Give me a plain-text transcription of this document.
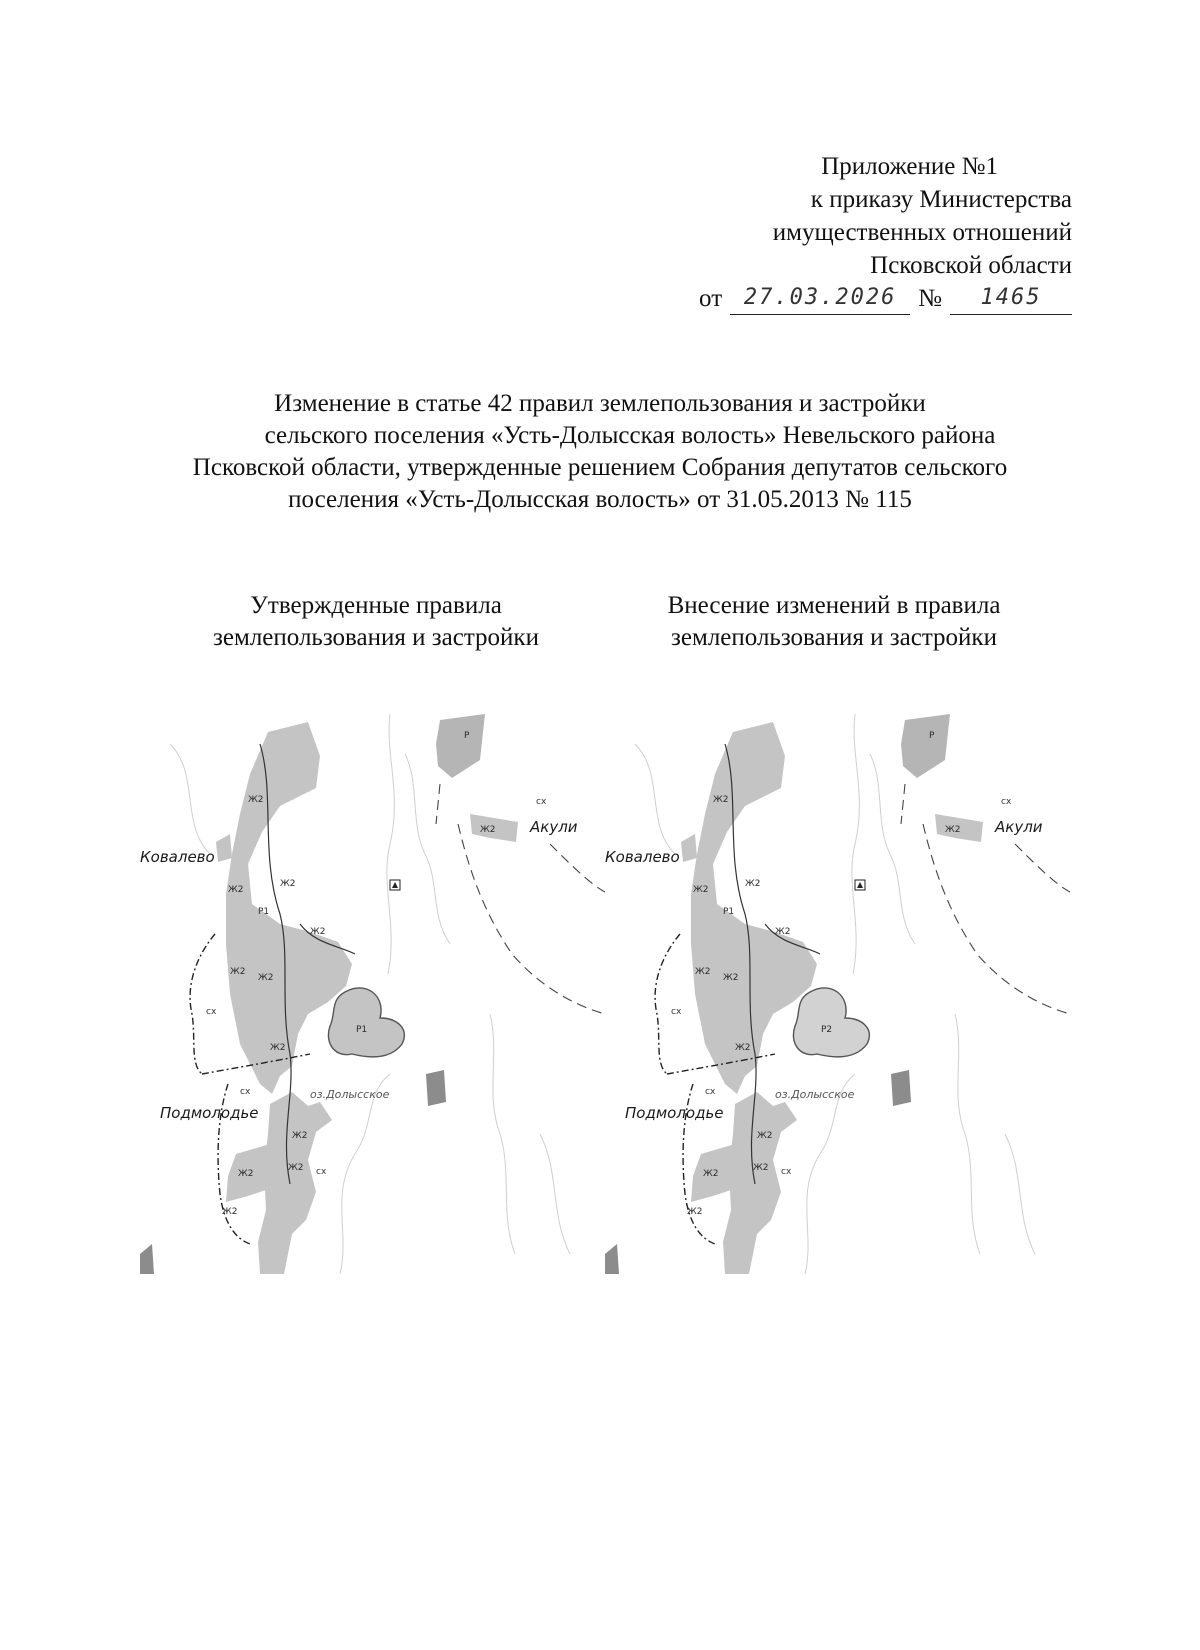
Приложение №1
к приказу Министерства
имущественных отношений
Псковской области
от 27.03.2026 №	1465
Изменение в статье 42 правил землепользования и застройки
сельского поселения «Усть-Долысская волость» Невельского района
Псковской области, утвержденные решением Собрания депутатов сельского
поселения «Усть-Долысская волость» от 31.05.2013 № 115
Утвержденные правила
землепользования и застройки
Внесение изменений в правила
землепользования и застройки
Ковалево
Акули
Подмолодье
оз.Долысское
Ж2
Ж2
Ж2
Р1
Ж2
Ж2
Ж2
Ж2
Ж2
Ж2
Ж2
Ж2
Ж2
Р
сх
сх
сх
сх
Р1
Ковалево
Акули
Подмолодье
оз.Долысское
Ж2
Ж2
Ж2
Р1
Ж2
Ж2
Ж2
Ж2
Ж2
Ж2
Ж2
Ж2
Ж2
Р
сх
сх
сх
сх
Р2
